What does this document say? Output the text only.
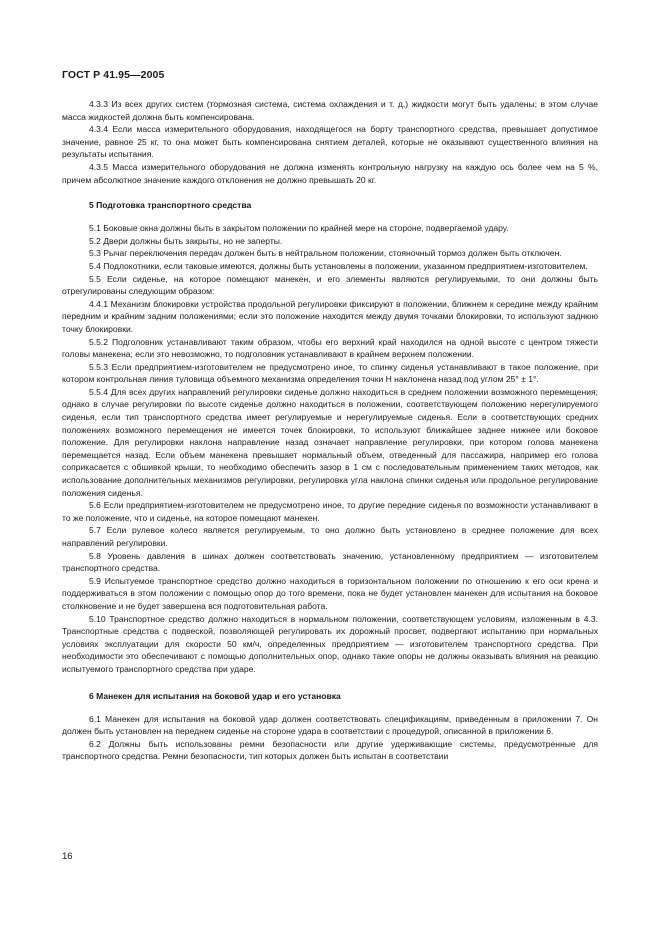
ГОСТ Р 41.95—2005

4.3.3 Из всех других систем (тормозная система, система охлаждения и т. д.) жидкости могут быть удалены; в этом случае масса жидкостей должна быть компенсирована.

4.3.4 Если масса измерительного оборудования, находящегося на борту транспортного средства, превышает допустимое значение, равное 25 кг, то она может быть компенсирована снятием деталей, которые не оказывают существенного влияния на результаты испытания.

4.3.5 Масса измерительного оборудования не должна изменять контрольную нагрузку на каждую ось более чем на 5 %, причем абсолютное значение каждого отклонения не должно превышать 20 кг.

5 Подготовка транспортного средства

5.1 Боковые окна должны быть в закрытом положении по крайней мере на стороне, подвергаемой удару.

5.2 Двери должны быть закрыты, но не заперты.

5.3 Рычаг переключения передач должен быть в нейтральном положении, стояночный тормоз должен быть отключен.

5.4 Подлокотники, если таковые имеются, должны быть установлены в положении, указанном предприятием-изготовителем.

5.5 Если сиденье, на которое помещают манекен, и его элементы являются регулируемыми, то они должны быть отрегулированы следующим образом:

4.4.1 Механизм блокировки устройства продольной регулировки фиксируют в положении, ближнем к середине между крайним передним и крайним задним положениями; если это положение находится между двумя точками блокировки, то используют заднюю точку блокировки.

5.5.2 Подголовник устанавливают таким образом, чтобы его верхний край находился на одной высоте с центром тяжести головы манекена; если это невозможно, то подголовник устанавливают в крайнем верхнем положении.

5.5.3 Если предприятием-изготовителем не предусмотрено иное, то спинку сиденья устанавливают в такое положение, при котором контрольная линия туловища объемного механизма определения точки H наклонена назад под углом 25° ± 1°.

5.5.4 Для всех других направлений регулировки сиденье должно находиться в среднем положении возможного перемещения; однако в случае регулировки по высоте сиденье должно находиться в положении, соответствующем положению нерегулируемого сиденья, если тип транспортного средства имеет регулируемые и нерегулируемые сиденья. Если в соответствующих средних положениях возможного перемещения не имеется точек блокировки, то используют ближайшее заднее нижнее или боковое положение. Для регулировки наклона направление назад означает направление регулировки, при котором голова манекена перемещается назад. Если объем манекена превышает нормальный объем, отведенный для пассажира, например его голова соприкасается с обшивкой крыши, то необходимо обеспечить зазор в 1 см с последовательным применением таких методов, как использование дополнительных механизмов регулировки, регулировка угла наклона спинки сиденья или продольное регулирование положения сиденья.

5.6 Если предприятием-изготовителем не предусмотрено иное, то другие передние сиденья по возможности устанавливают в то же положение, что и сиденье, на которое помещают манекен.

5.7 Если рулевое колесо является регулируемым, то оно должно быть установлено в среднее положение для всех направлений регулировки.

5.8 Уровень давления в шинах должен соответствовать значению, установленному предприятием — изготовителем транспортного средства.

5.9 Испытуемое транспортное средство должно находиться в горизонтальном положении по отношению к его оси крена и поддерживаться в этом положении с помощью опор до того времени, пока не будет установлен манекен для испытания на боковое столкновение и не будет завершена вся подготовительная работа.

5.10 Транспортное средство должно находиться в нормальном положении, соответствующем условиям, изложенным в 4.3. Транспортные средства с подвеской, позволяющей регулировать их дорожный просвет, подвергают испытанию при нормальных условиях эксплуатации для скорости 50 км/ч, определенных предприятием — изготовителем транспортного средства. При необходимости это обеспечивают с помощью дополнительных опор, однако такие опоры не должны оказывать влияния на реакцию испытуемого транспортного средства при ударе.

6 Манекен для испытания на боковой удар и его установка

6.1 Манекен для испытания на боковой удар должен соответствовать спецификациям, приведенным в приложении 7. Он должен быть установлен на переднем сиденье на стороне удара в соответствии с процедурой, описанной в приложении 6.

6.2 Должны быть использованы ремни безопасности или другие удерживающие системы, предусмотренные для транспортного средства. Ремни безопасности, тип которых должен быть испытан в соответствии

16
